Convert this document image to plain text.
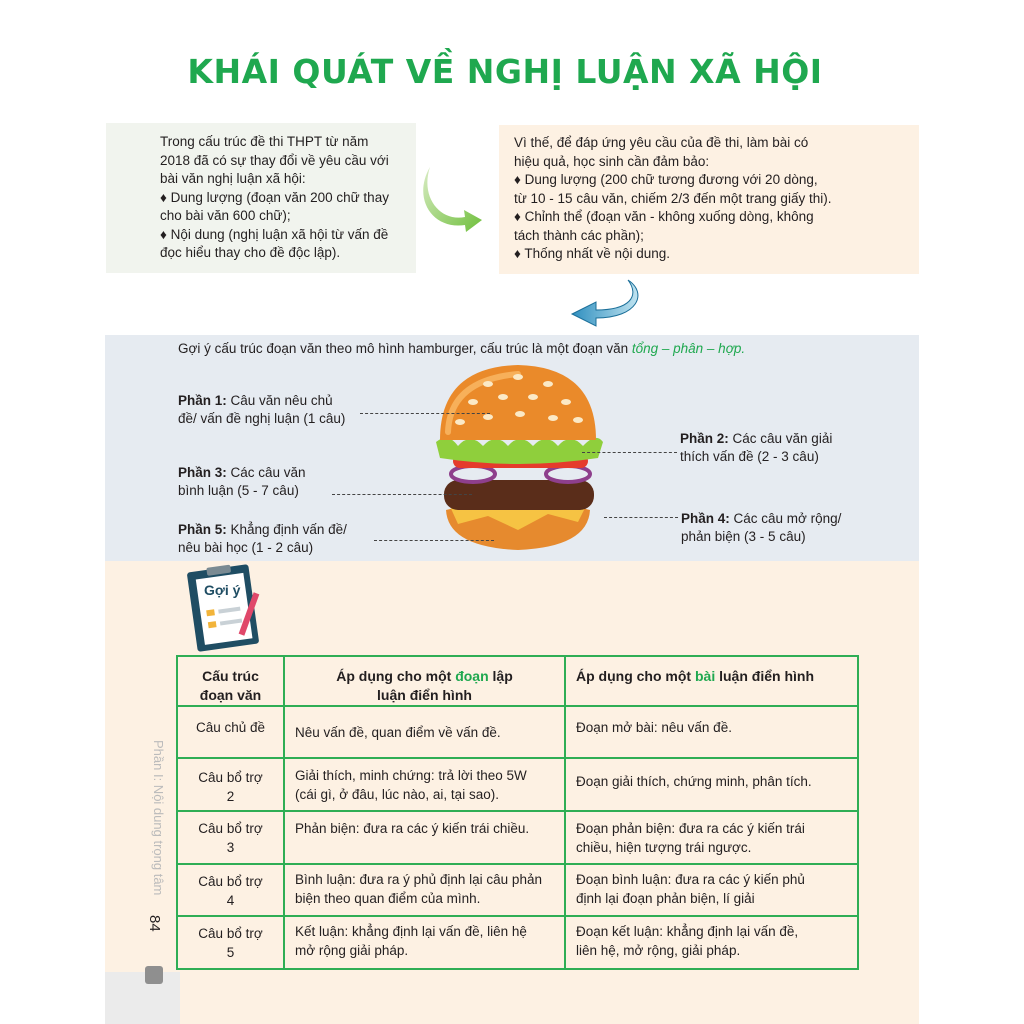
KHÁI QUÁT VỀ NGHỊ LUẬN XÃ HỘI
Trong cấu trúc đề thi THPT từ năm
2018 đã có sự thay đổi về yêu cầu với
bài văn nghị luận xã hội:
♦ Dung lượng (đoạn văn 200 chữ thay
cho bài văn 600 chữ);
♦ Nội dung (nghị luận xã hội từ vấn đề
đọc hiểu thay cho đề độc lập).
Vì thế, để đáp ứng yêu cầu của đề thi, làm bài có
hiệu quả, học sinh cần đảm bảo:
♦ Dung lượng (200 chữ tương đương với 20 dòng,
từ 10 - 15 câu văn, chiếm 2/3 đến một trang giấy thi).
♦ Chỉnh thể (đoạn văn - không xuống dòng, không
tách thành các phần);
♦ Thống nhất về nội dung.
Gợi ý cấu trúc đoạn văn theo mô hình hamburger, cấu trúc là một đoạn văn tổng – phân – hợp.
Phần 1: Câu văn nêu chủ
đề/ vấn đề nghị luận (1 câu)
Phần 2: Các câu văn giải
thích vấn đề (2 - 3 câu)
Phần 3: Các câu văn
bình luận (5 - 7 câu)
Phần 4: Các câu mở rộng/
phản biện (3 - 5 câu)
Phần 5: Khẳng định vấn đề/
nêu bài học (1 - 2 câu)
Gợi ý
Cấu trúc
đoạn văn	Áp dụng cho một đoạn lập
luận điển hình	Áp dụng cho một bài luận điển hình

Câu chủ đề	Nêu vấn đề, quan điểm về vấn đề.	Đoạn mở bài: nêu vấn đề.

Câu bổ trợ
2	Giải thích, minh chứng: trả lời theo 5W
(cái gì, ở đâu, lúc nào, ai, tại sao).	Đoạn giải thích, chứng minh, phân tích.

Câu bổ trợ
3	Phản biện: đưa ra các ý kiến trái chiều.	Đoạn phản biện: đưa ra các ý kiến trái
chiều, hiện tượng trái ngược.

Câu bổ trợ
4	Bình luận: đưa ra ý phủ định lại câu phản
biện theo quan điểm của mình.	Đoạn bình luận: đưa ra các ý kiến phủ
định lại đoạn phản biện, lí giải

Câu bổ trợ
5	Kết luận: khẳng định lại vấn đề, liên hệ
mở rộng giải pháp.	Đoạn kết luận: khẳng định lại vấn đề,
liên hệ, mở rộng, giải pháp.
Phần I: Nội dung trọng tâm
84
